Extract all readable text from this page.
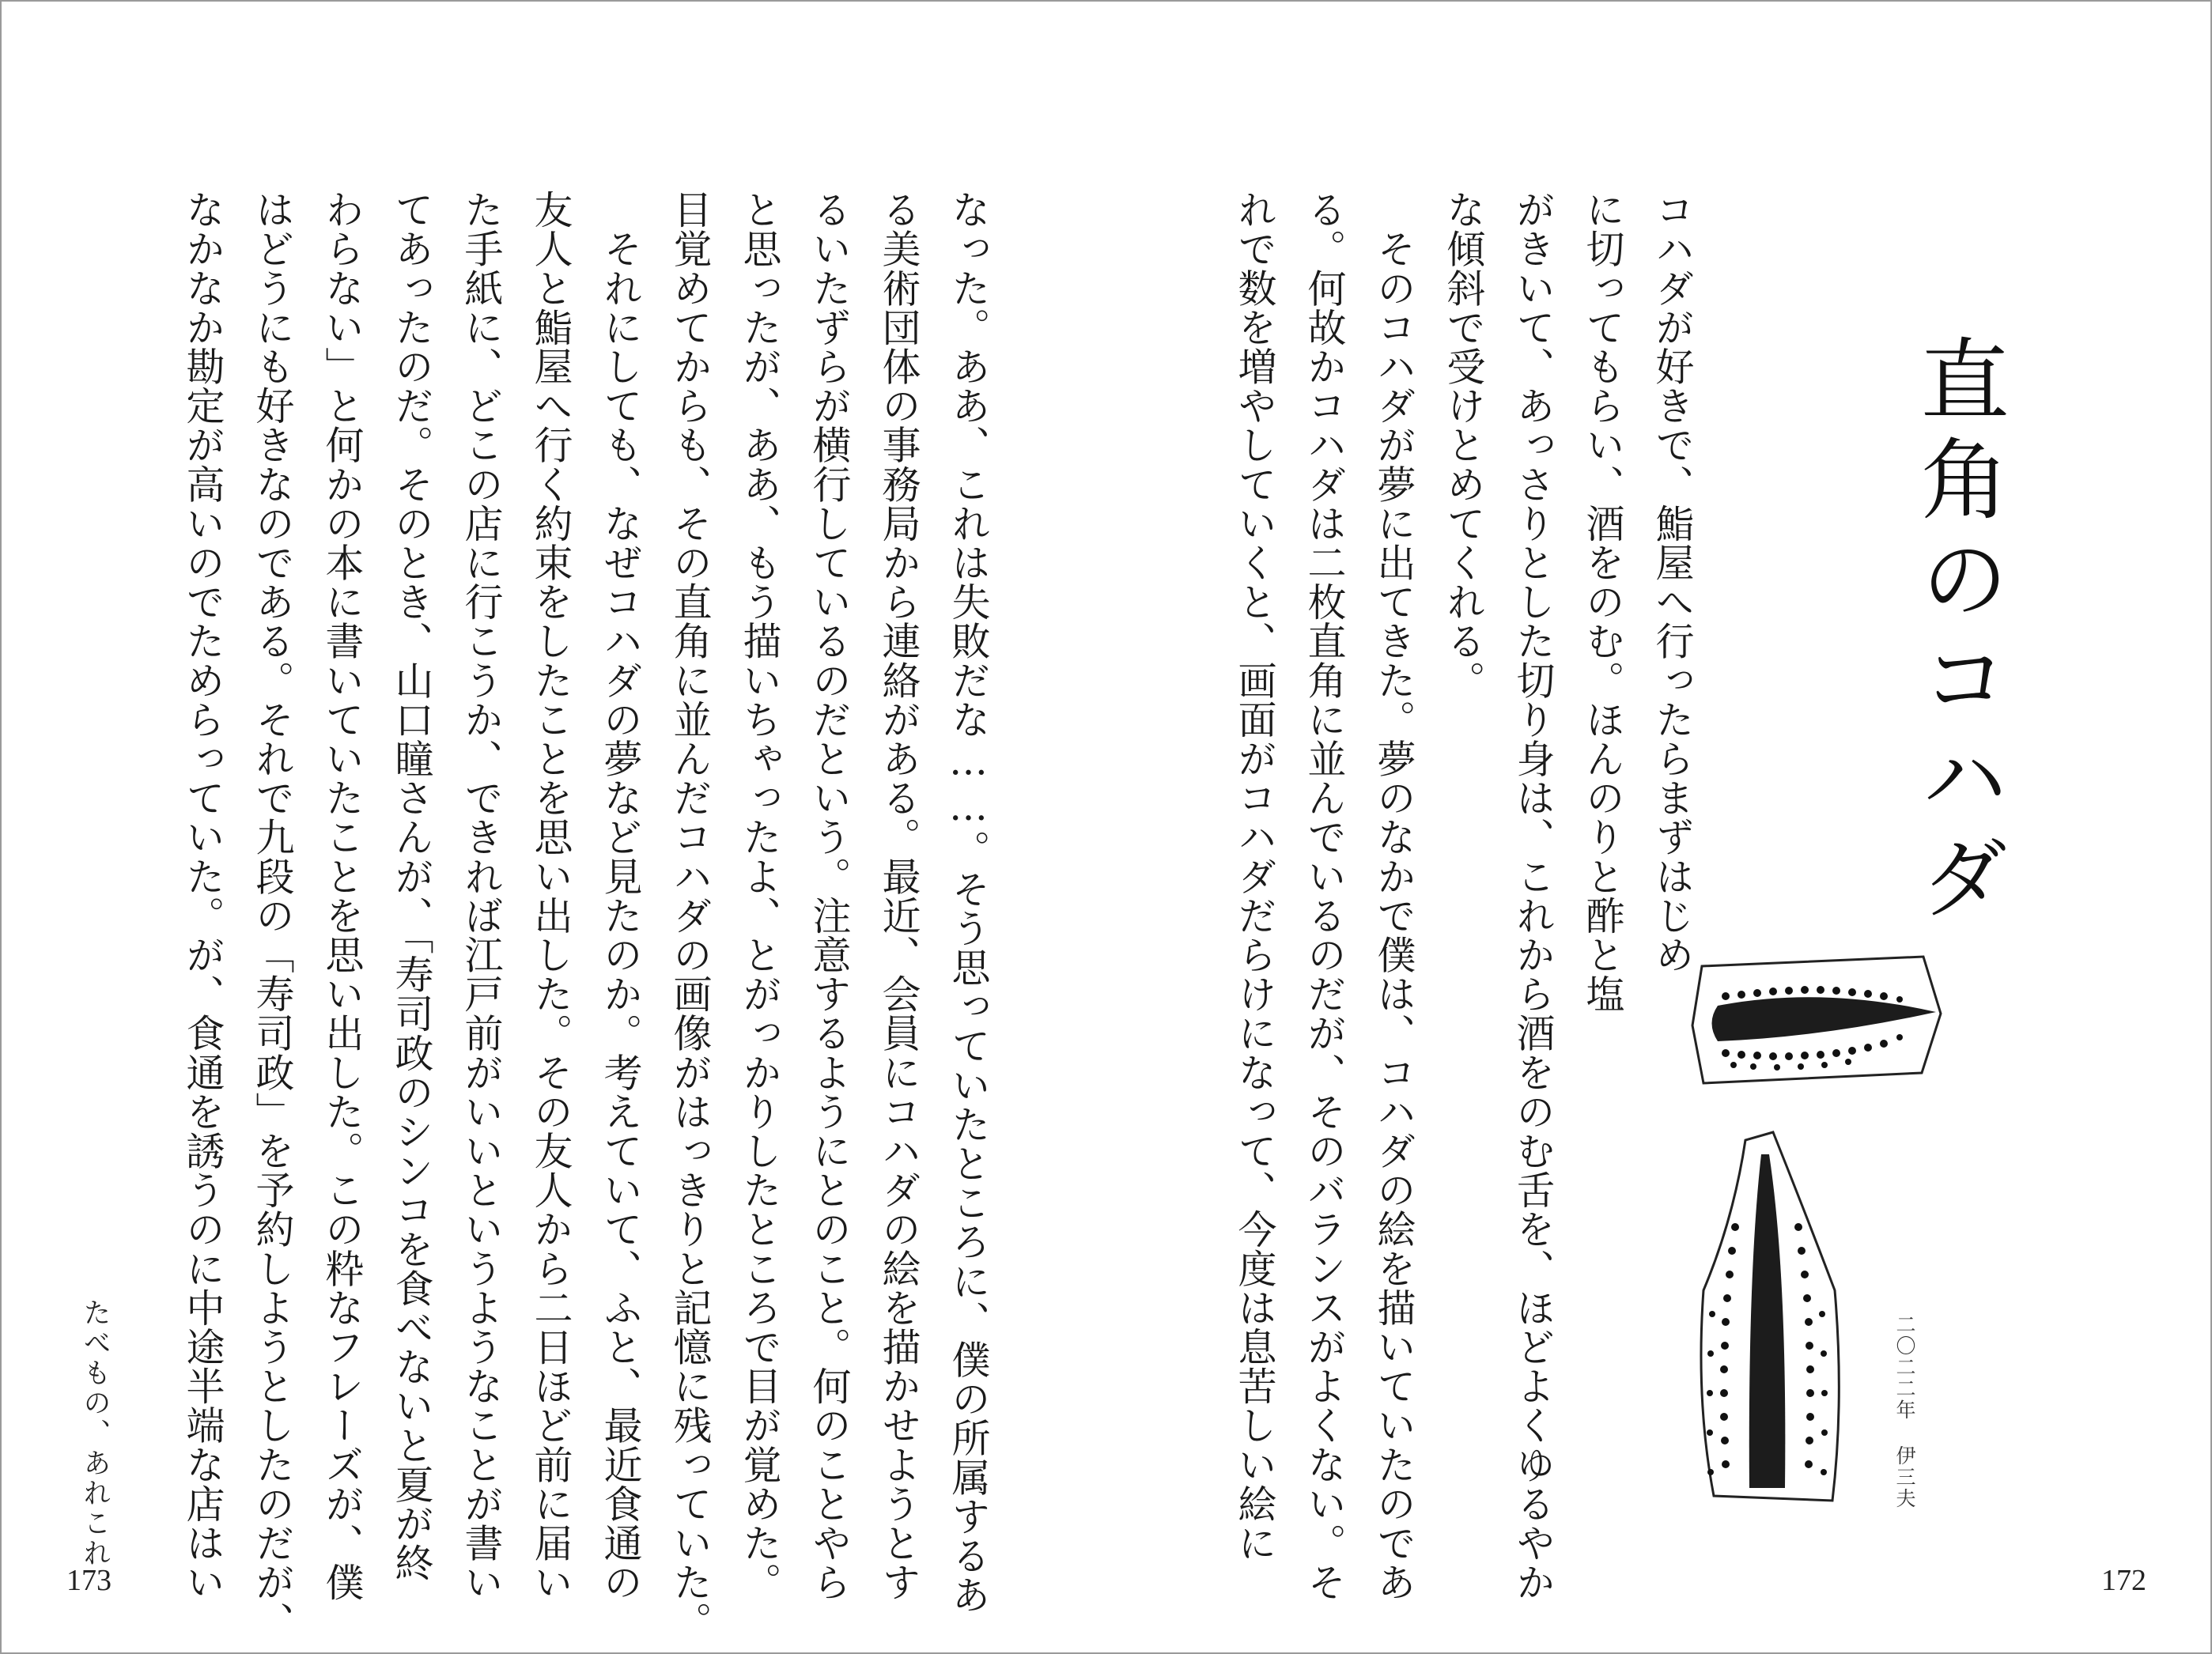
直角のコハダ
コハダが好きで、鮨屋へ行ったらまずはじめ
に切ってもらい、酒をのむ。ほんのりと酢と塩
がきいて、あっさりとした切り身は、これから酒をのむ舌を、ほどよくゆるやか
な傾斜で受けとめてくれる。
　そのコハダが夢に出てきた。夢のなかで僕は、コハダの絵を描いていたのであ
る。何故かコハダは二枚直角に並んでいるのだが、そのバランスがよくない。そ
れで数を増やしていくと、画面がコハダだらけになって、今度は息苦しい絵に	二〇二二年 伊三夫
172
なった。ああ、これは失敗だな……。そう思っていたところに、僕の所属するあ
る美術団体の事務局から連絡がある。最近、会員にコハダの絵を描かせようとす
るいたずらが横行しているのだという。注意するようにとのこと。何のことやら
と思ったが、ああ、もう描いちゃったよ、とがっかりしたところで目が覚めた。
目覚めてからも、その直角に並んだコハダの画像がはっきりと記憶に残っていた。
　それにしても、なぜコハダの夢など見たのか。考えていて、ふと、最近食通の
友人と鮨屋へ行く約束をしたことを思い出した。その友人から二日ほど前に届い
た手紙に、どこの店に行こうか、できれば江戸前がいいというようなことが書い
てあったのだ。そのとき、山口瞳さんが、「寿司政のシンコを食べないと夏が終
わらない」と何かの本に書いていたことを思い出した。この粋なフレーズが、僕
はどうにも好きなのである。それで九段の「寿司政」を予約しようとしたのだが、
なかなか勘定が高いのでためらっていた。が、食通を誘うのに中途半端な店はい
たべもの、あれこれ
173
